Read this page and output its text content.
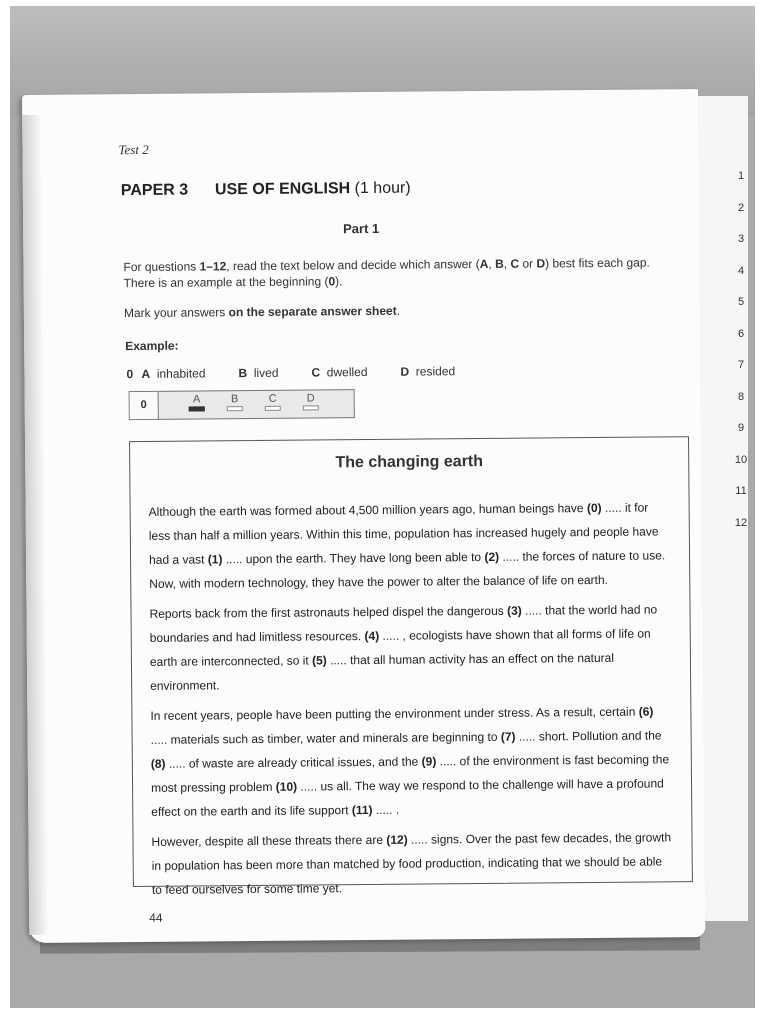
Test 2
PAPER 3 USE OF ENGLISH (1 hour)
Part 1
For questions 1–12, read the text below and decide which answer (A, B, C or D) best fits each gap.
There is an example at the beginning (0).
Mark your answers on the separate answer sheet.
Example:
0 A inhabited	B lived	C dwelled	D resided
0	A	B	C	D
The changing earth

Although the earth was formed about 4,500 million years ago, human beings have (0) ..... it for less than half a million years. Within this time, population has increased hugely and people have had a vast (1) ..... upon the earth. They have long been able to (2) ..... the forces of nature to use. Now, with modern technology, they have the power to alter the balance of life on earth.

Reports back from the first astronauts helped dispel the dangerous (3) ..... that the world had no boundaries and had limitless resources. (4) ..... , ecologists have shown that all forms of life on earth are interconnected, so it (5) ..... that all human activity has an effect on the natural environment.

In recent years, people have been putting the environment under stress. As a result, certain (6) ..... materials such as timber, water and minerals are beginning to (7) ..... short. Pollution and the (8) ..... of waste are already critical issues, and the (9) ..... of the environment is fast becoming the most pressing problem (10) ..... us all. The way we respond to the challenge will have a profound effect on the earth and its life support (11) ..... .

However, despite all these threats there are (12) ..... signs. Over the past few decades, the growth in population has been more than matched by food production, indicating that we should be able to feed ourselves for some time yet.

44
1
2
3
4
5
6
7
8
9
10
11
12
